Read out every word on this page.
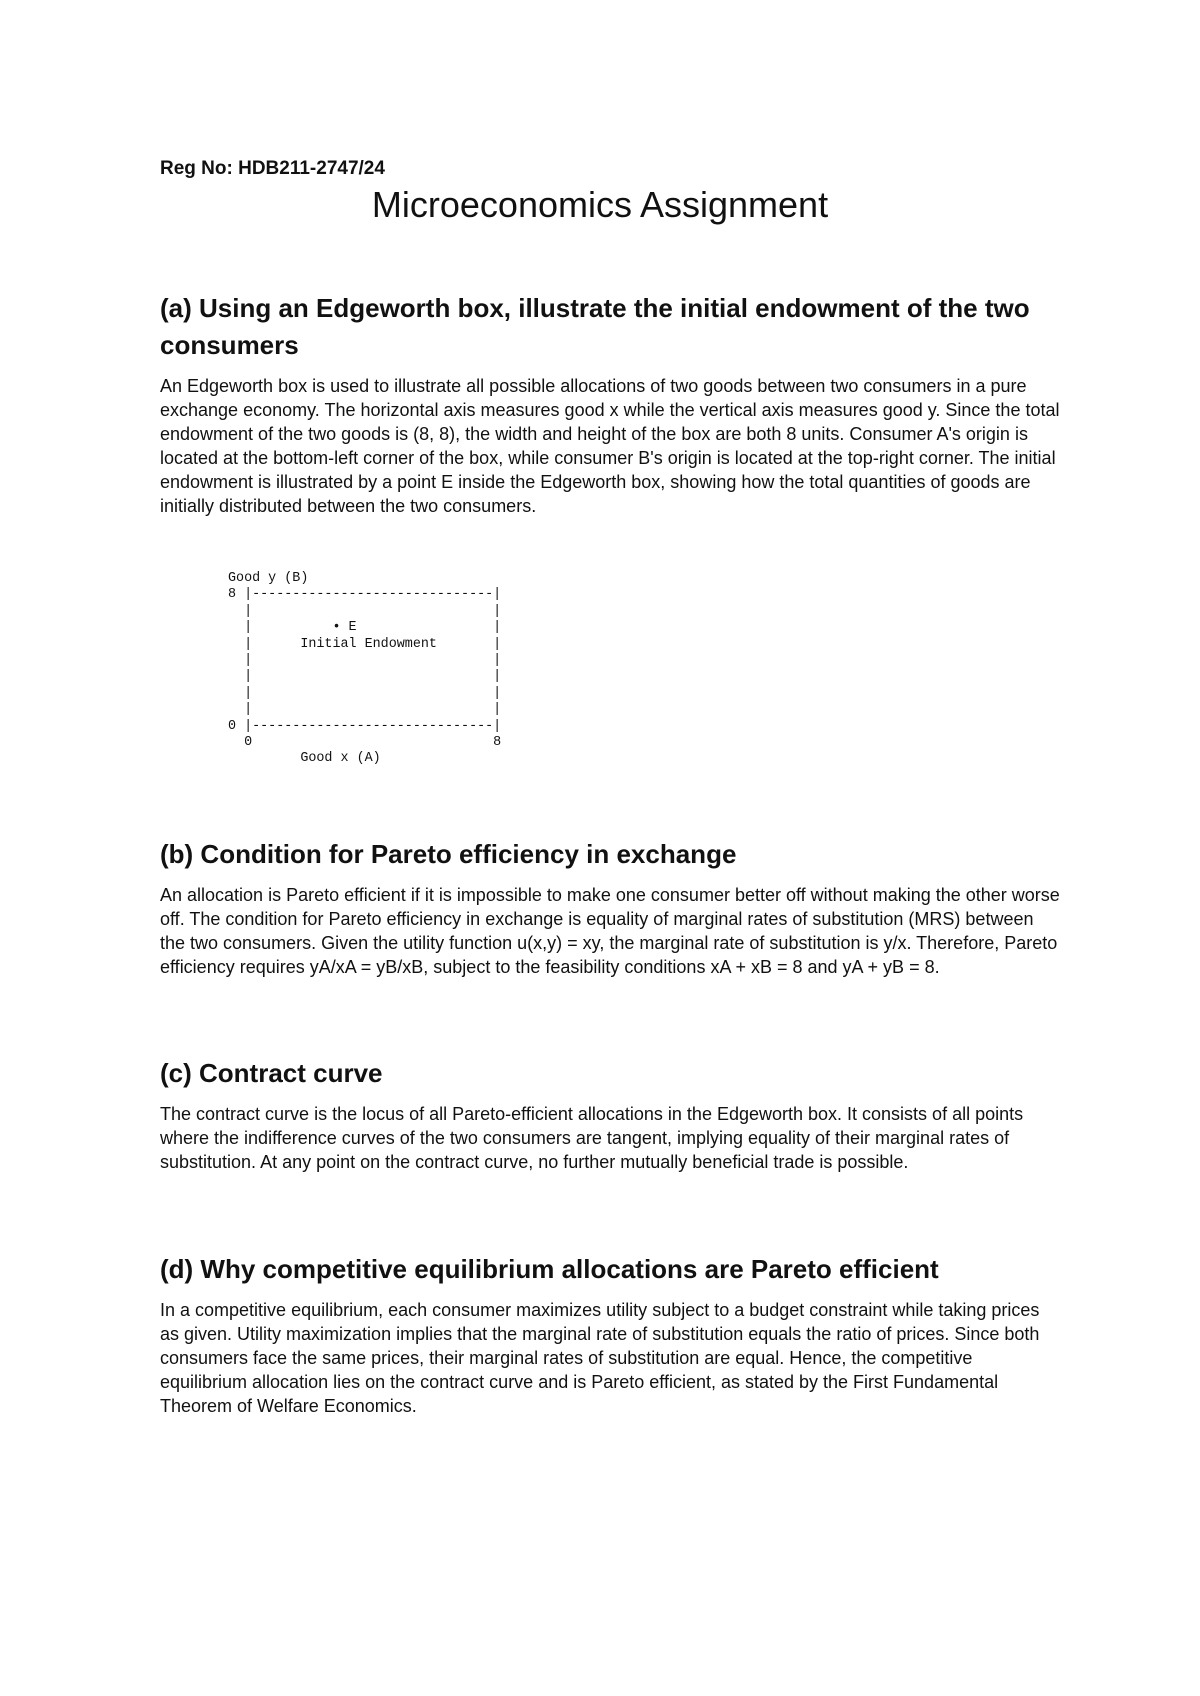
Reg No: HDB211-2747/24

Microeconomics Assignment
(a) Using an Edgeworth box, illustrate the initial endowment of the two consumers

An Edgeworth box is used to illustrate all possible allocations of two goods between two consumers in a pure exchange economy. The horizontal axis measures good x while the vertical axis measures good y. Since the total endowment of the two goods is (8, 8), the width and height of the box are both 8 units. Consumer A's origin is located at the bottom-left corner of the box, while consumer B's origin is located at the top-right corner. The initial endowment is illustrated by a point E inside the Edgeworth box, showing how the total quantities of goods are initially distributed between the two consumers.

Good y (B)
8 |------------------------------|
|                              |
|          • E                 |
|      Initial Endowment       |
|                              |
|                              |
|                              |
|                              |
0 |------------------------------|
0                              8
Good x (A)
(b) Condition for Pareto efficiency in exchange

An allocation is Pareto efficient if it is impossible to make one consumer better off without making the other worse off. The condition for Pareto efficiency in exchange is equality of marginal rates of substitution (MRS) between the two consumers. Given the utility function u(x,y) = xy, the marginal rate of substitution is y/x. Therefore, Pareto efficiency requires yA/xA = yB/xB, subject to the feasibility conditions xA + xB = 8 and yA + yB = 8.

(c) Contract curve

The contract curve is the locus of all Pareto-efficient allocations in the Edgeworth box. It consists of all points where the indifference curves of the two consumers are tangent, implying equality of their marginal rates of substitution. At any point on the contract curve, no further mutually beneficial trade is possible.

(d) Why competitive equilibrium allocations are Pareto efficient

In a competitive equilibrium, each consumer maximizes utility subject to a budget constraint while taking prices as given. Utility maximization implies that the marginal rate of substitution equals the ratio of prices. Since both consumers face the same prices, their marginal rates of substitution are equal. Hence, the competitive equilibrium allocation lies on the contract curve and is Pareto efficient, as stated by the First Fundamental Theorem of Welfare Economics.
